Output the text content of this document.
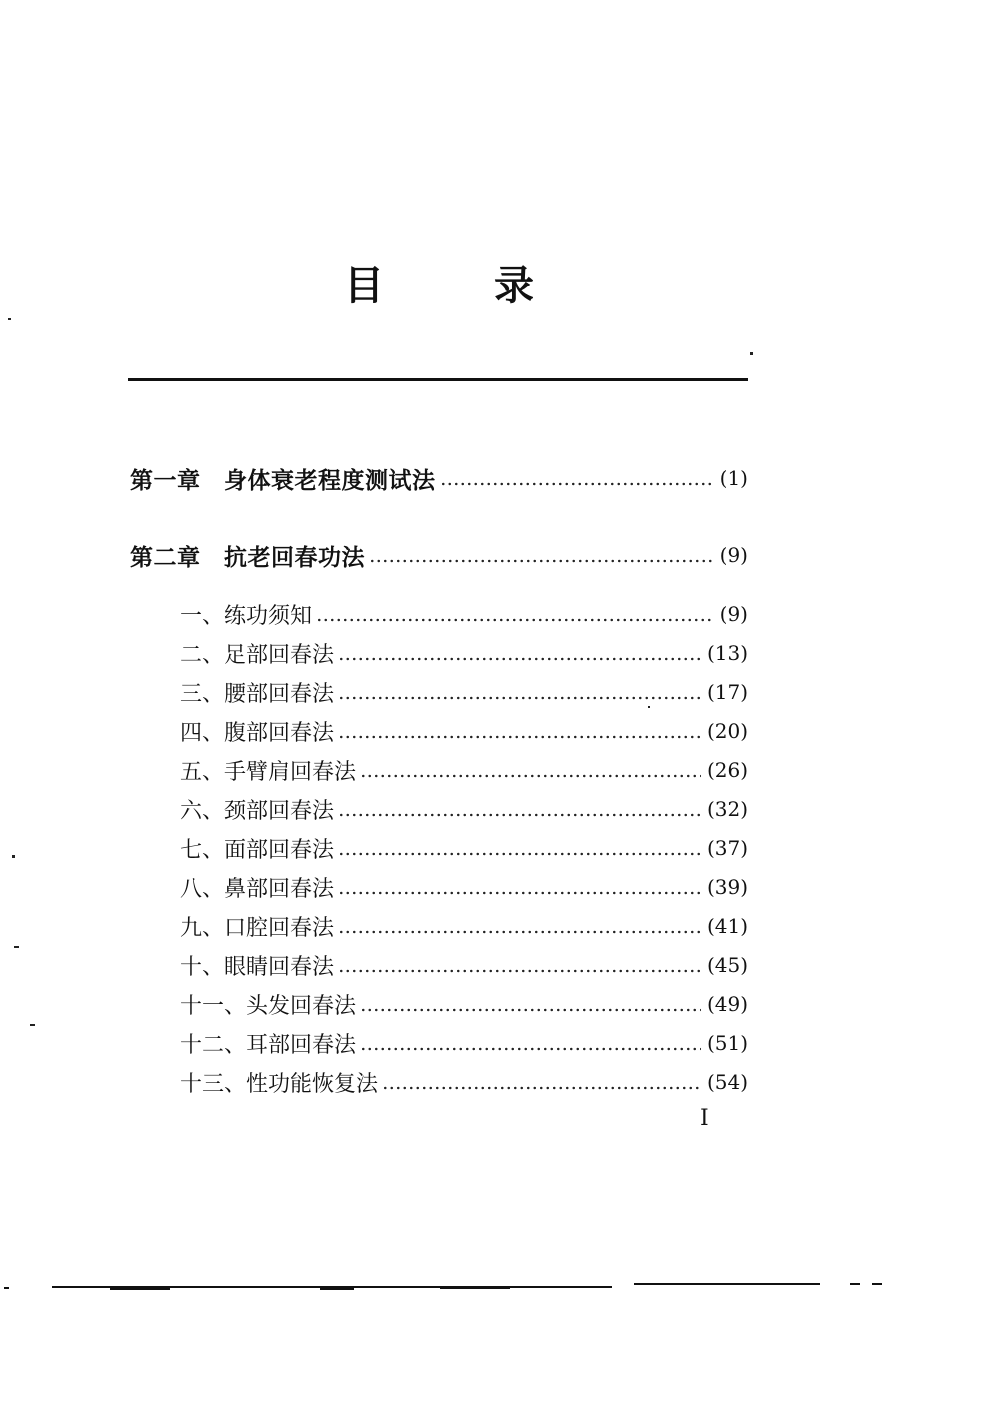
目	录
第一章　身体衰老程度测试法	(1)
第二章　抗老回春功法	(9)
一、练功须知	(9)
二、足部回春法	(13)
三、腰部回春法	(17)
四、腹部回春法	(20)
五、手臂肩回春法	(26)
六、颈部回春法	(32)
七、面部回春法	(37)
八、鼻部回春法	(39)
九、口腔回春法	(41)
十、眼睛回春法	(45)
十一、头发回春法	(49)
十二、耳部回春法	(51)
十三、性功能恢复法	(54)
I
